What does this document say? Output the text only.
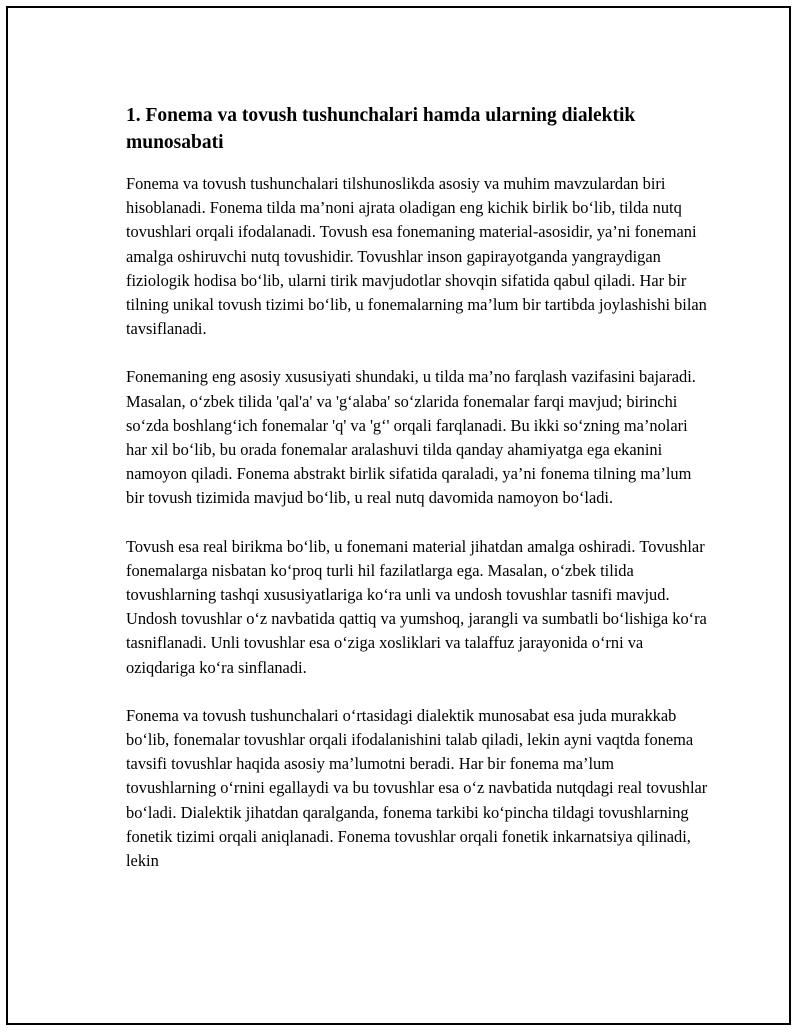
1. Fonema va tovush tushunchalari hamda ularning dialektik munosabati

Fonema va tovush tushunchalari tilshunoslikda asosiy va muhim mavzulardan biri hisoblanadi. Fonema tilda ma’noni ajrata oladigan eng kichik birlik bo‘lib, tilda nutq tovushlari orqali ifodalanadi. Tovush esa fonemaning material-asosidir, ya’ni fonemani amalga oshiruvchi nutq tovushidir. Tovushlar inson gapirayotganda yangraydigan fiziologik hodisa bo‘lib, ularni tirik mavjudotlar shovqin sifatida qabul qiladi. Har bir tilning unikal tovush tizimi bo‘lib, u fonemalarning ma’lum bir tartibda joylashishi bilan tavsiflanadi.

Fonemaning eng asosiy xususiyati shundaki, u tilda ma’no farqlash vazifasini bajaradi. Masalan, o‘zbek tilida 'qal'a' va 'g‘alaba' so‘zlarida fonemalar farqi mavjud; birinchi so‘zda boshlang‘ich fonemalar 'q' va 'g‘' orqali farqlanadi. Bu ikki so‘zning ma’nolari har xil bo‘lib, bu orada fonemalar aralashuvi tilda qanday ahamiyatga ega ekanini namoyon qiladi. Fonema abstrakt birlik sifatida qaraladi, ya’ni fonema tilning ma’lum bir tovush tizimida mavjud bo‘lib, u real nutq davomida namoyon bo‘ladi.

Tovush esa real birikma bo‘lib, u fonemani material jihatdan amalga oshiradi. Tovushlar fonemalarga nisbatan ko‘proq turli hil fazilatlarga ega. Masalan, o‘zbek tilida tovushlarning tashqi xususiyatlariga ko‘ra unli va undosh tovushlar tasnifi mavjud. Undosh tovushlar o‘z navbatida qattiq va yumshoq, jarangli va sumbatli bo‘lishiga ko‘ra tasniflanadi. Unli tovushlar esa o‘ziga xosliklari va talaffuz jarayonida o‘rni va oziqdariga ko‘ra sinflanadi.

Fonema va tovush tushunchalari o‘rtasidagi dialektik munosabat esa juda murakkab bo‘lib, fonemalar tovushlar orqali ifodalanishini talab qiladi, lekin ayni vaqtda fonema tavsifi tovushlar haqida asosiy ma’lumotni beradi. Har bir fonema ma’lum tovushlarning o‘rnini egallaydi va bu tovushlar esa o‘z navbatida nutqdagi real tovushlar bo‘ladi. Dialektik jihatdan qaralganda, fonema tarkibi ko‘pincha tildagi tovushlarning fonetik tizimi orqali aniqlanadi. Fonema tovushlar orqali fonetik inkarnatsiya qilinadi, lekin
